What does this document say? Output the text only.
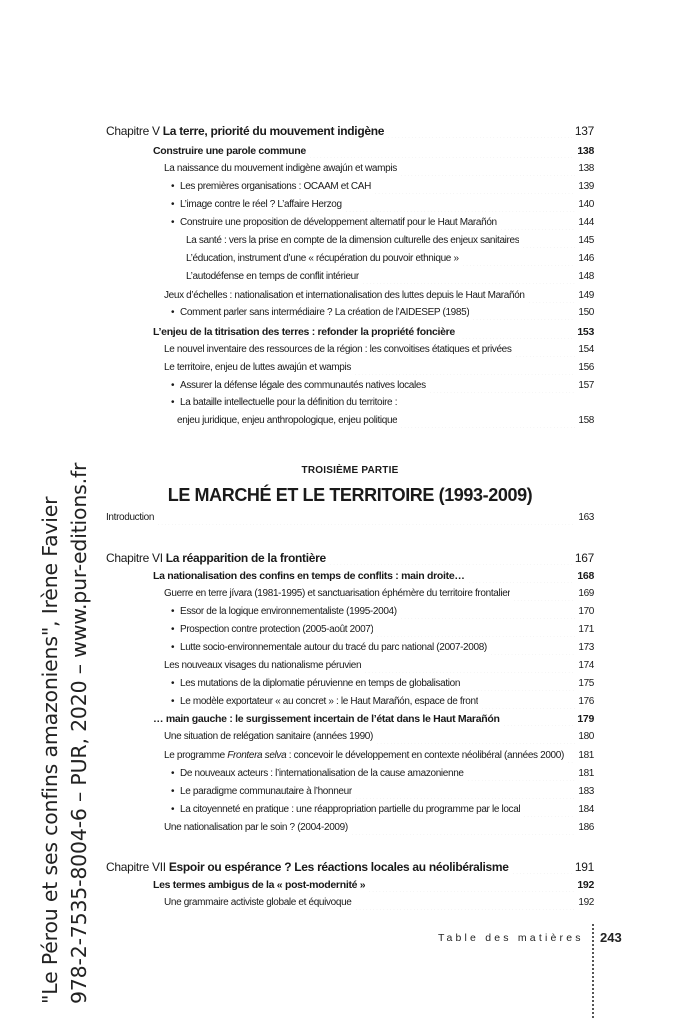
Chapitre V La terre, priorité du mouvement indigène	137
Construire une parole commune	138
La naissance du mouvement indigène awajún et wampis	138
• Les premières organisations : OCAAM et CAH	139
• L’image contre le réel ? L’affaire Herzog	140
• Construire une proposition de développement alternatif pour le Haut Marañón	144
La santé : vers la prise en compte de la dimension culturelle des enjeux sanitaires	145
L’éducation, instrument d’une « récupération du pouvoir ethnique »	146
L’autodéfense en temps de conflit intérieur	148
Jeux d’échelles : nationalisation et internationalisation des luttes depuis le Haut Marañón	149
• Comment parler sans intermédiaire ? La création de l’AIDESEP (1985)	150
L’enjeu de la titrisation des terres : refonder la propriété foncière	153
Le nouvel inventaire des ressources de la région : les convoitises étatiques et privées	154
Le territoire, enjeu de luttes awajún et wampis	156
• Assurer la défense légale des communautés natives locales	157
• La bataille intellectuelle pour la définition du territoire :
enjeu juridique, enjeu anthropologique, enjeu politique	158
Introduction	163
Chapitre VI La réapparition de la frontière	167
La nationalisation des confins en temps de conflits : main droite…	168
Guerre en terre jívara (1981-1995) et sanctuarisation éphémère du territoire frontalier	169
• Essor de la logique environnementaliste (1995-2004)	170
• Prospection contre protection (2005-août 2007)	171
• Lutte socio-environnementale autour du tracé du parc national (2007-2008)	173
Les nouveaux visages du nationalisme péruvien	174
• Les mutations de la diplomatie péruvienne en temps de globalisation	175
• Le modèle exportateur « au concret » : le Haut Marañón, espace de front	176
… main gauche : le surgissement incertain de l’état dans le Haut Marañón	179
Une situation de relégation sanitaire (années 1990)	180
Le programme Frontera selva : concevoir le développement en contexte néolibéral (années 2000) 181
• De nouveaux acteurs : l’internationalisation de la cause amazonienne	181
• Le paradigme communautaire à l’honneur	183
• La citoyenneté en pratique : une réappropriation partielle du programme par le local	184
Une nationalisation par le soin ? (2004-2009)	186
Chapitre VII Espoir ou espérance ? Les réactions locales au néolibéralisme	191
Les termes ambigus de la « post-modernité »	192
Une grammaire activiste globale et équivoque	192
TROISIÈME PARTIE
LE MARCHÉ ET LE TERRITOIRE (1993-2009)
"Le Pérou et ses confins amazoniens", Irène Favier 978-2-7535-8004-6 – PUR, 2020 – www.pur-editions.fr	Table des matières 243
